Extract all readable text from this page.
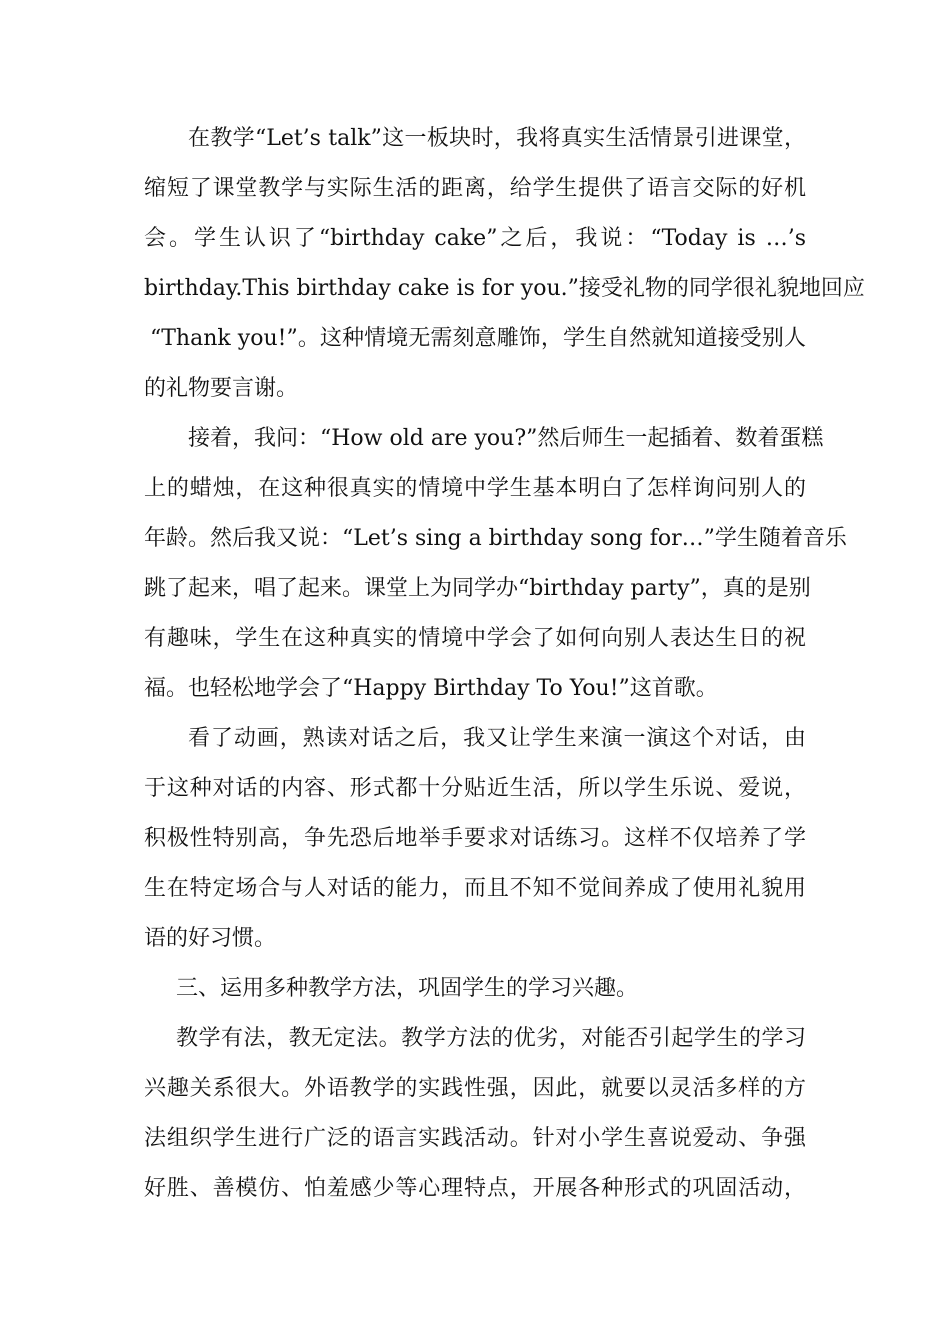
在教学“Let’s talk”这一板块时，我将真实生活情景引进课堂，
缩短了课堂教学与实际生活的距离，给学生提供了语言交际的好机
会。学生认识了“birthday cake”之后，我说：“Today is …’s
birthday.This birthday cake is for you.”接受礼物的同学很礼貌地回应
“Thank you!”。这种情境无需刻意雕饰，学生自然就知道接受别人
的礼物要言谢。
接着，我问：“How old are you?”然后师生一起插着、数着蛋糕
上的蜡烛，在这种很真实的情境中学生基本明白了怎样询问别人的
年龄。然后我又说：“Let’s sing a birthday song for…”学生随着音乐
跳了起来，唱了起来。课堂上为同学办“birthday party”，真的是别
有趣味，学生在这种真实的情境中学会了如何向别人表达生日的祝
福。也轻松地学会了“Happy Birthday To You!”这首歌。
看了动画，熟读对话之后，我又让学生来演一演这个对话，由
于这种对话的内容、形式都十分贴近生活，所以学生乐说、爱说，
积极性特别高，争先恐后地举手要求对话练习。这样不仅培养了学
生在特定场合与人对话的能力，而且不知不觉间养成了使用礼貌用
语的好习惯。
三、运用多种教学方法，巩固学生的学习兴趣。
教学有法，教无定法。教学方法的优劣，对能否引起学生的学习
兴趣关系很大。外语教学的实践性强，因此，就要以灵活多样的方
法组织学生进行广泛的语言实践活动。针对小学生喜说爱动、争强
好胜、善模仿、怕羞感少等心理特点，开展各种形式的巩固活动，
